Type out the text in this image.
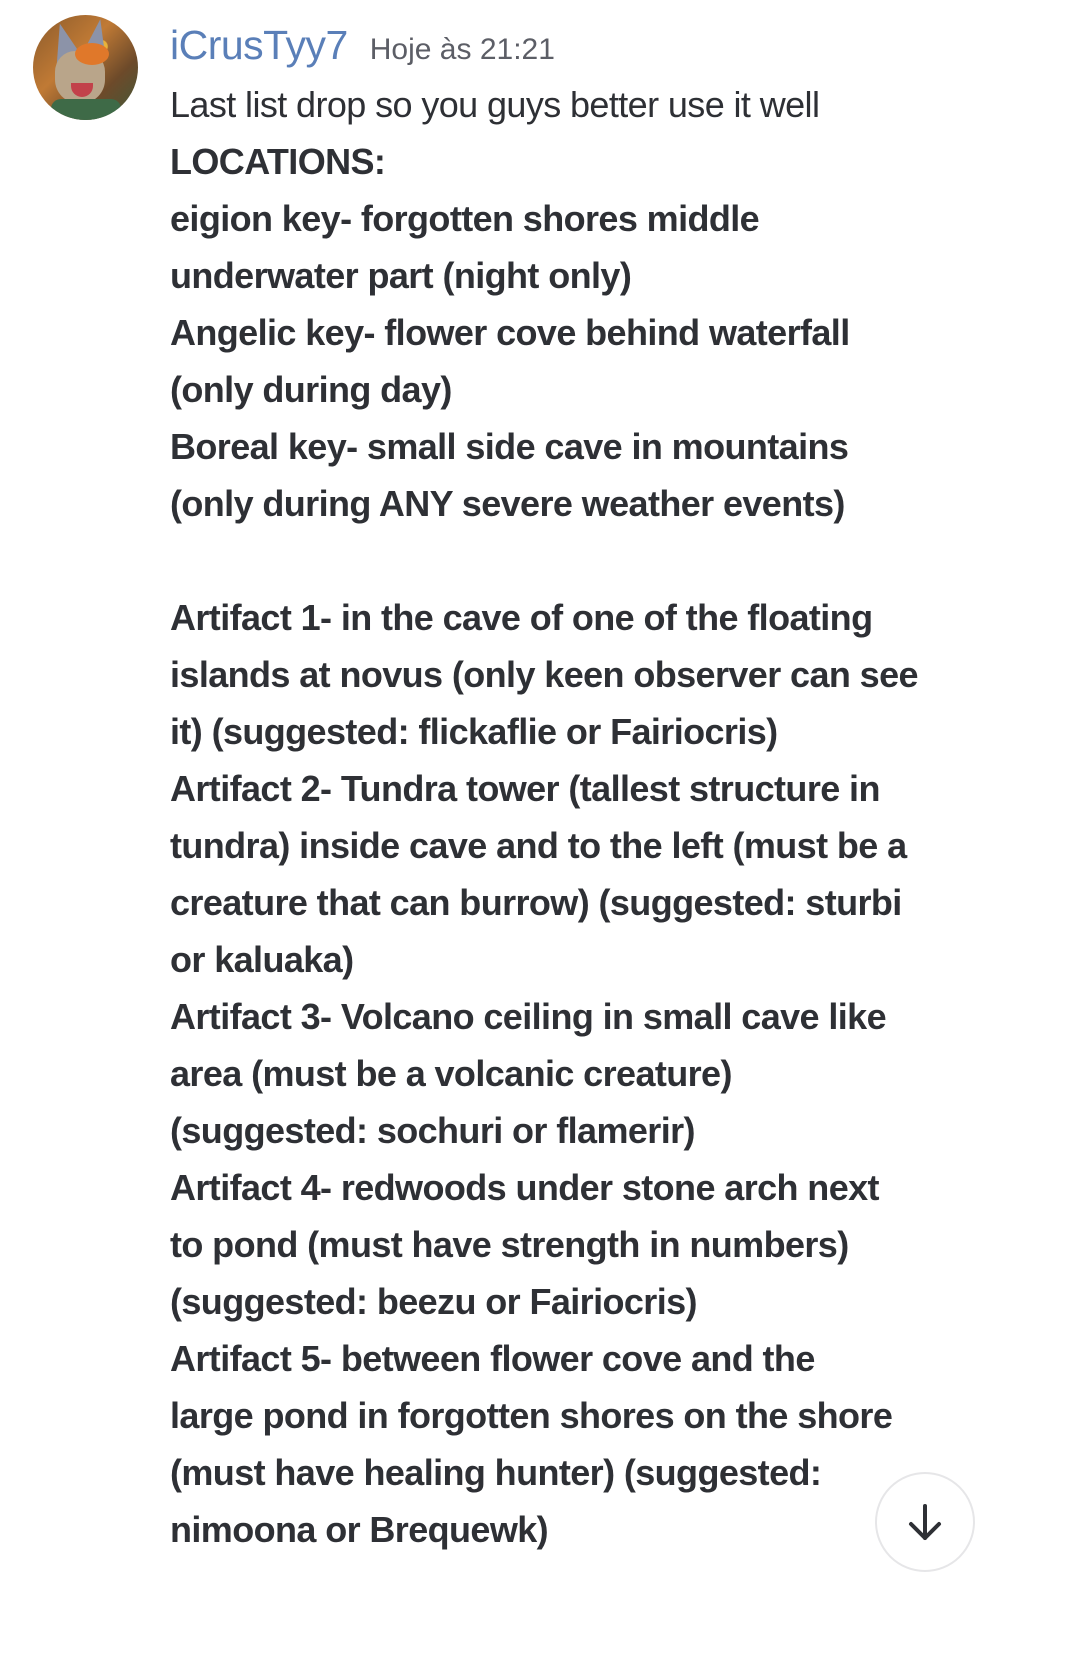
iCrusTyy7 Hoje às 21:21
Last list drop so you guys better use it well
LOCATIONS:
eigion key- forgotten shores middle
underwater part (night only)
Angelic key- flower cove behind waterfall
(only during day)
Boreal key- small side cave in mountains
(only during ANY severe weather events)
Artifact 1- in the cave of one of the floating
islands at novus (only keen observer can see
it) (suggested: flickaflie or Fairiocris)
Artifact 2- Tundra tower (tallest structure in
tundra) inside cave and to the left (must be a
creature that can burrow) (suggested: sturbi
or kaluaka)
Artifact 3- Volcano ceiling in small cave like
area (must be a volcanic creature)
(suggested: sochuri or flamerir)
Artifact 4- redwoods under stone arch next
to pond (must have strength in numbers)
(suggested: beezu or Fairiocris)
Artifact 5- between flower cove and the
large pond in forgotten shores on the shore
(must have healing hunter) (suggested:
nimoona or Brequewk)
